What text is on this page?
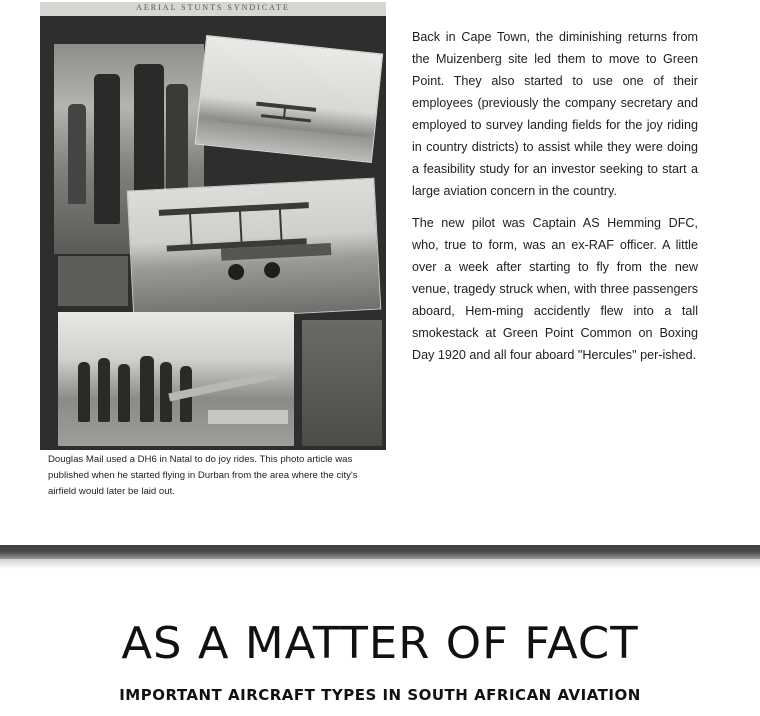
AERIAL STUNTS SYNDICATE
Douglas Mail used a DH6 in Natal to do joy rides. This photo article was published when he started flying in Durban from the area where the city's airfield would later be laid out.

Back in Cape Town, the diminishing returns from the Muizenberg site led them to move to Green Point. They also started to use one of their employees (previously the company secretary and employed to survey landing fields for the joy riding in country districts) to assist while they were doing a feasibility study for an investor seeking to start a large aviation concern in the country.

The new pilot was Captain AS Hemming DFC, who, true to form, was an ex-RAF officer. A little over a week after starting to fly from the new venue, tragedy struck when, with three passengers aboard, Hem-ming accidently flew into a tall smokestack at Green Point Common on Boxing Day 1920 and all four aboard "Hercules" per-ished.

AS A MATTER OF FACT
IMPORTANT AIRCRAFT TYPES IN SOUTH AFRICAN AVIATION
